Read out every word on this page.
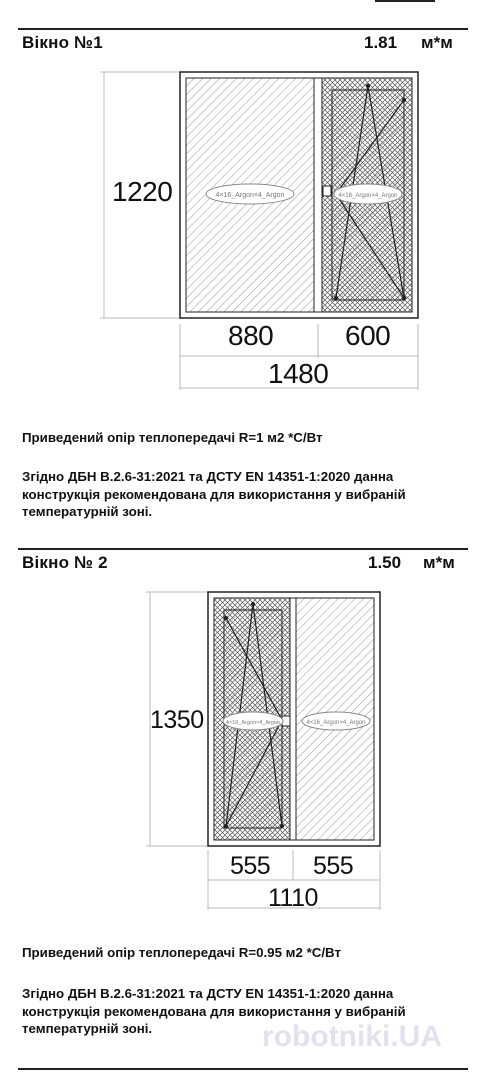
Вікно №1	1.81 м*м
4×16_Argon×4_Argon	4×16_Argon×4_Argon
1220
880	600
1480
Приведений опір теплопередачі R=1 м2 *С/Вт
Згідно ДБН В.2.6-31:2021 та ДСТУ EN 14351-1:2020 данна конструкція рекомендована для використання у вибраній температурній зоні.
Вікно № 2	1.50 м*м
4×16_Argon×4_Argon	4×16_Argon×4_Argon
1350
555 555
1110
Приведений опір теплопередачі R=0.95 м2 *С/Вт
Згідно ДБН В.2.6-31:2021 та ДСТУ EN 14351-1:2020 данна конструкція рекомендована для використання у вибраній температурній зоні.	robotniki.UA
